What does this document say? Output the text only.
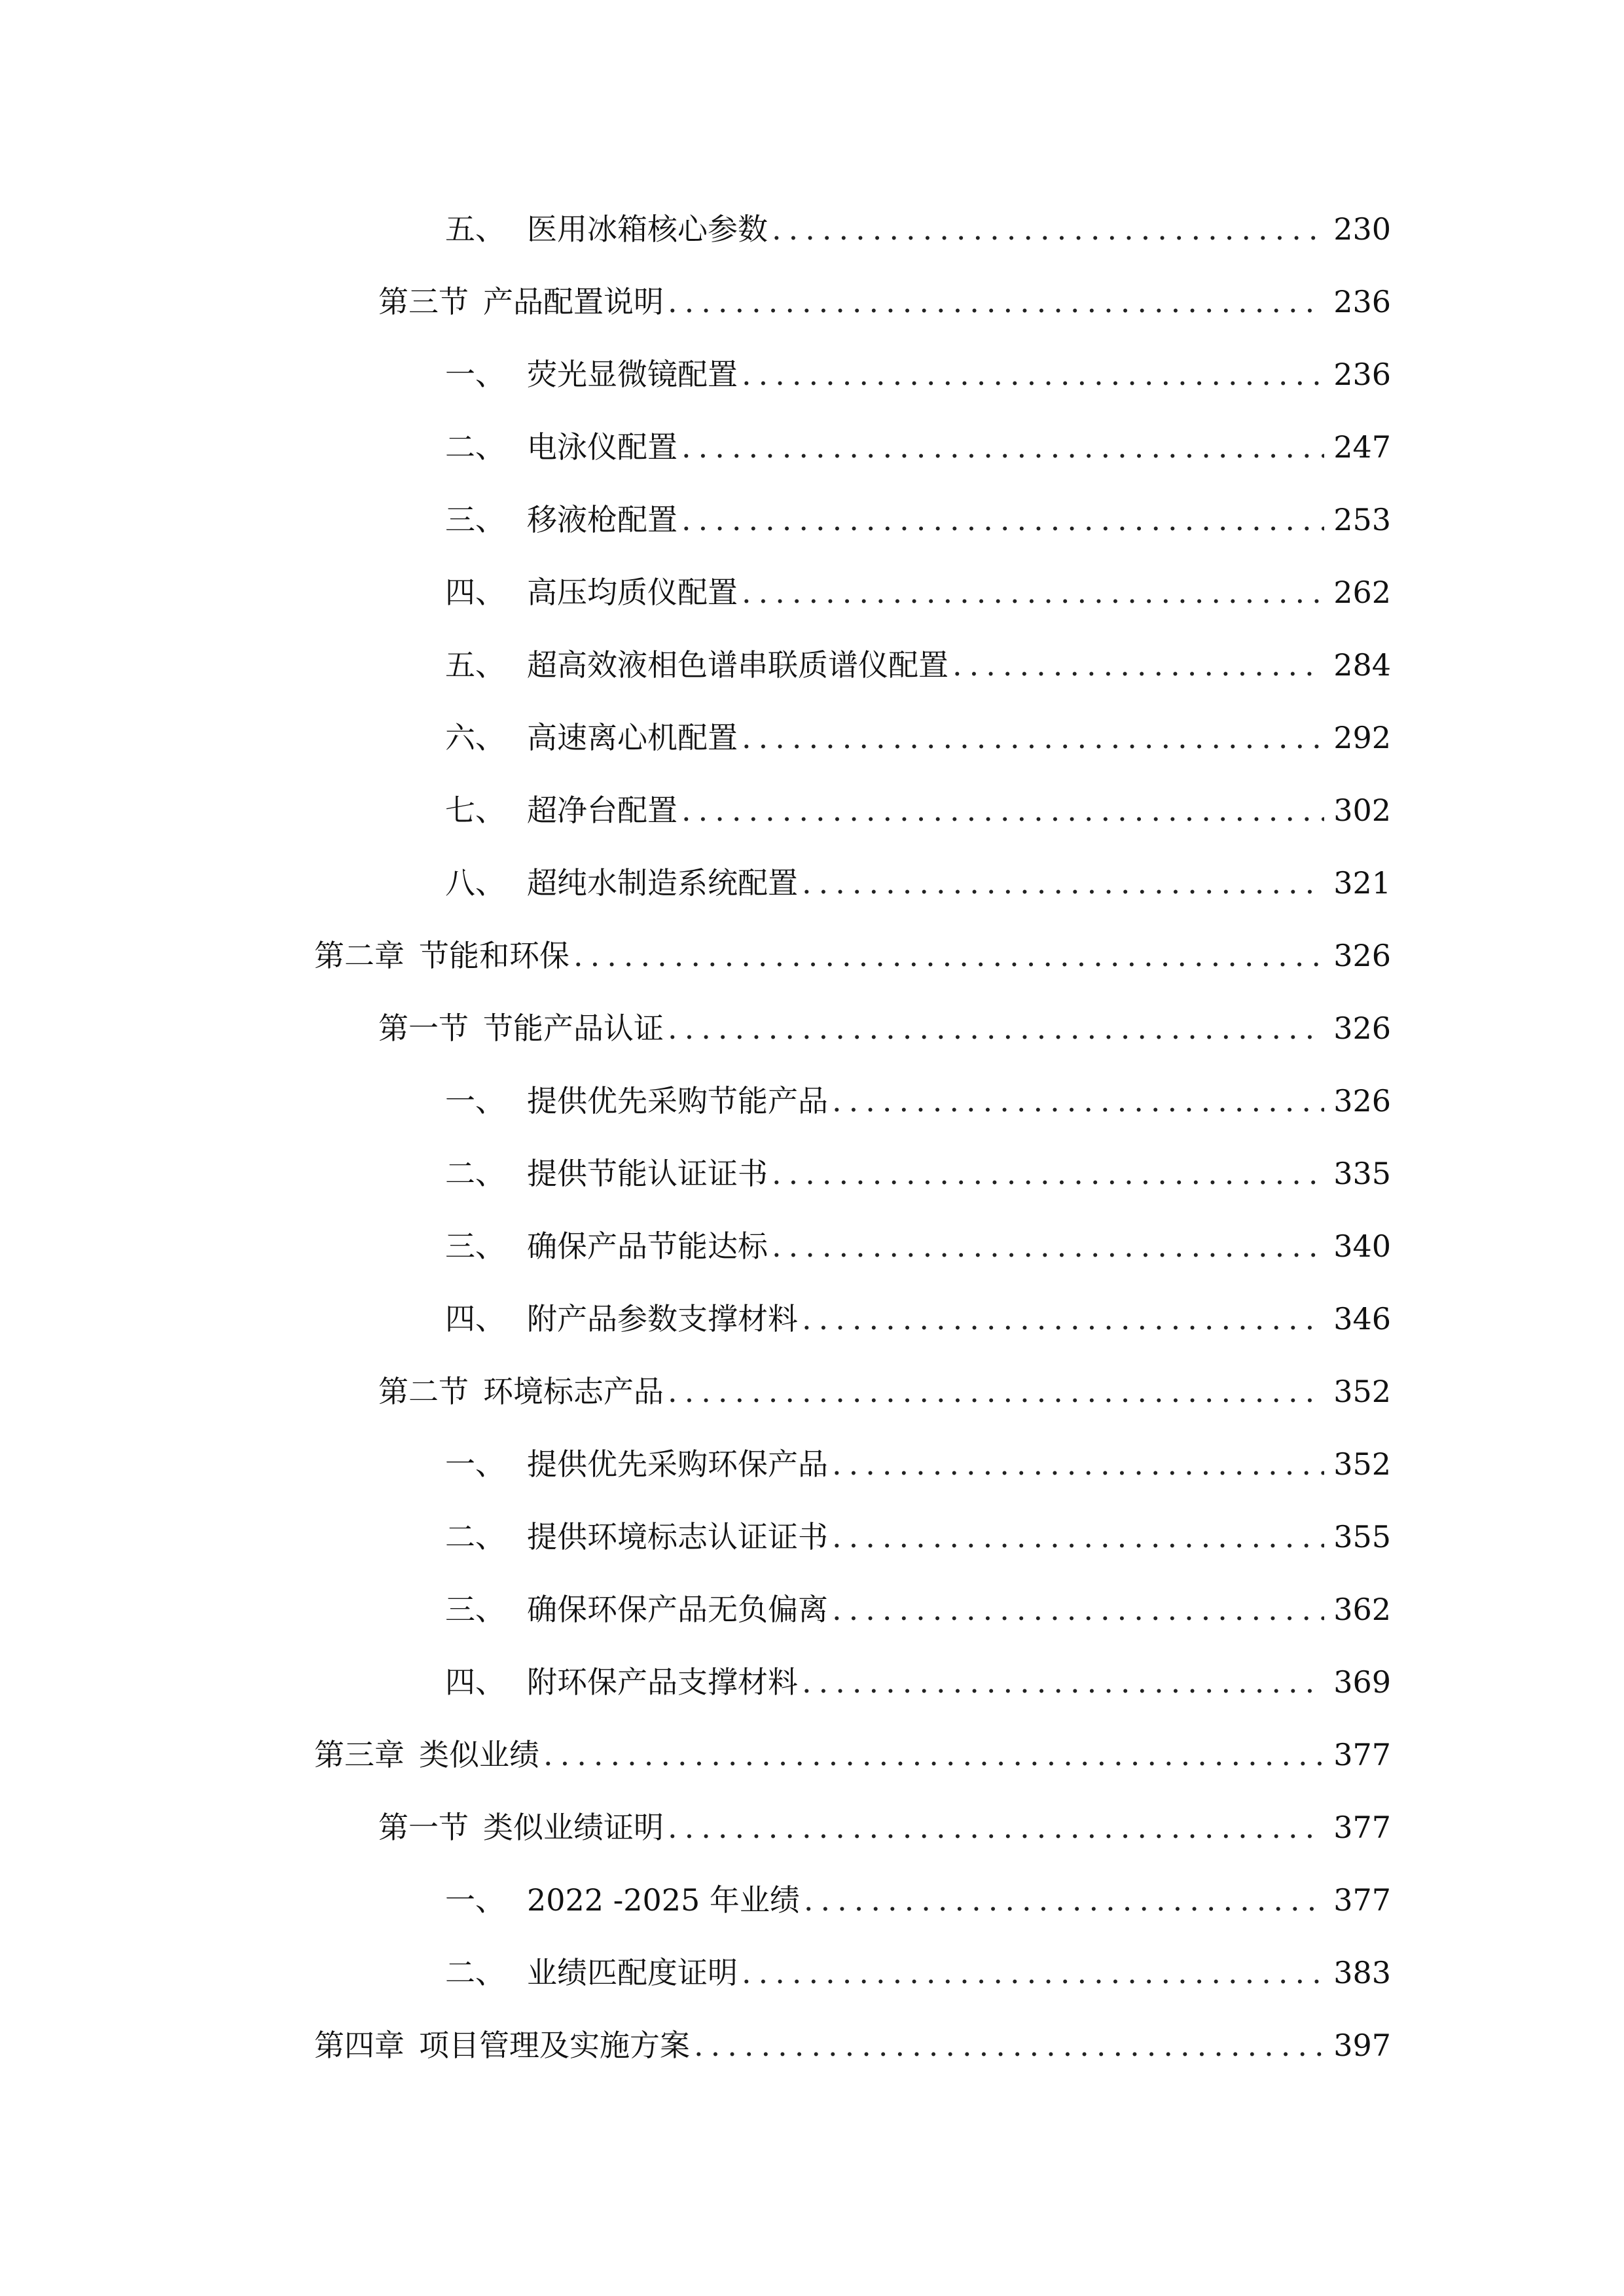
五、 医用冰箱核心参数 .....	230
第三节 产品配置说明 .....	236
一、 荧光显微镜配置 .....	236
二、 电泳仪配置 .....	247
三、 移液枪配置 .....	253
四、 高压均质仪配置 .....	262
五、 超高效液相色谱串联质谱仪配置 .....	284
六、 高速离心机配置 .....	292
七、 超净台配置 .....	302
八、 超纯水制造系统配置 .....	321
第二章 节能和环保 .....	326
第一节 节能产品认证 .....	326
一、 提供优先采购节能产品 .....	326
二、 提供节能认证证书 .....	335
三、 确保产品节能达标 .....	340
四、 附产品参数支撑材料 .....	346
第二节 环境标志产品 .....	352
一、 提供优先采购环保产品 .....	352
二、 提供环境标志认证证书 .....	355
三、 确保环保产品无负偏离 .....	362
四、 附环保产品支撑材料 .....	369
第三章 类似业绩 .....	377
第一节 类似业绩证明 .....	377
一、 2022 -2025 年业绩 .....	377
二、 业绩匹配度证明 .....	383
第四章 项目管理及实施方案 .....	397
